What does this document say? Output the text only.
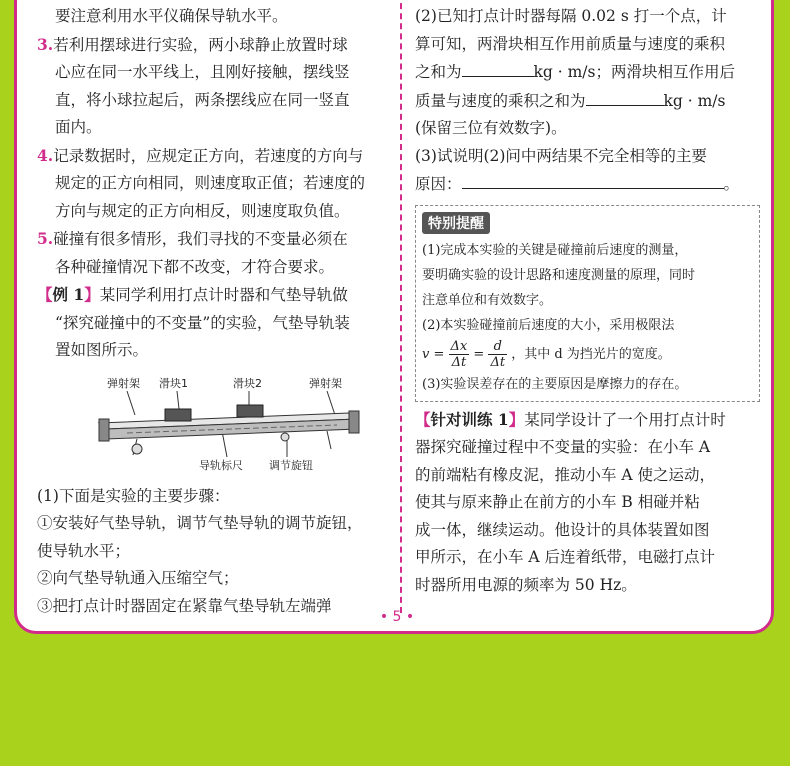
要注意利用水平仪确保导轨水平。

3.若利用摆球进行实验，两小球静止放置时球

心应在同一水平线上，且刚好接触，摆线竖

直，将小球拉起后，两条摆线应在同一竖直

面内。

4.记录数据时，应规定正方向，若速度的方向与

规定的正方向相同，则速度取正值；若速度的

方向与规定的正方向相反，则速度取负值。

5.碰撞有很多情形，我们寻找的不变量必须在

各种碰撞情况下都不改变，才符合要求。

【例 1】某同学利用打点计时器和气垫导轨做

“探究碰撞中的不变量”的实验，气垫导轨装

置如图所示。

弹射架 滑块1	滑块2	弹射架
导轨标尺 调节旋钮

(1)下面是实验的主要步骤：

①安装好气垫导轨，调节气垫导轨的调节旋钮，

使导轨水平；

②向气垫导轨通入压缩空气；

③把打点计时器固定在紧靠气垫导轨左端弹

(2)已知打点计时器每隔 0.02 s 打一个点，计

算可知，两滑块相互作用前质量与速度的乘积

之和为	kg · m/s；两滑块相互作用后

质量与速度的乘积之和为	kg · m/s

(保留三位有效数字)。

(3)试说明(2)问中两结果不完全相等的主要

原因：	。

特别提醒

(1)完成本实验的关键是碰撞前后速度的测量，

要明确实验的设计思路和速度测量的原理，同时

注意单位和有效数字。

(2)本实验碰撞前后速度的大小，采用极限法

$v = \frac{\Delta x}{\Delta t} = \frac{d}{\Delta t}$ ，其中 d 为挡光片的宽度。

(3)实验误差存在的主要原因是摩擦力的存在。

【针对训练 1】某同学设计了一个用打点计时

器探究碰撞过程中不变量的实验：在小车 A

的前端粘有橡皮泥，推动小车 A 使之运动，

使其与原来静止在前方的小车 B 相碰并粘

成一体，继续运动。他设计的具体装置如图

甲所示，在小车 A 后连着纸带，电磁打点计

时器所用电源的频率为 50 Hz。

• 5 •
